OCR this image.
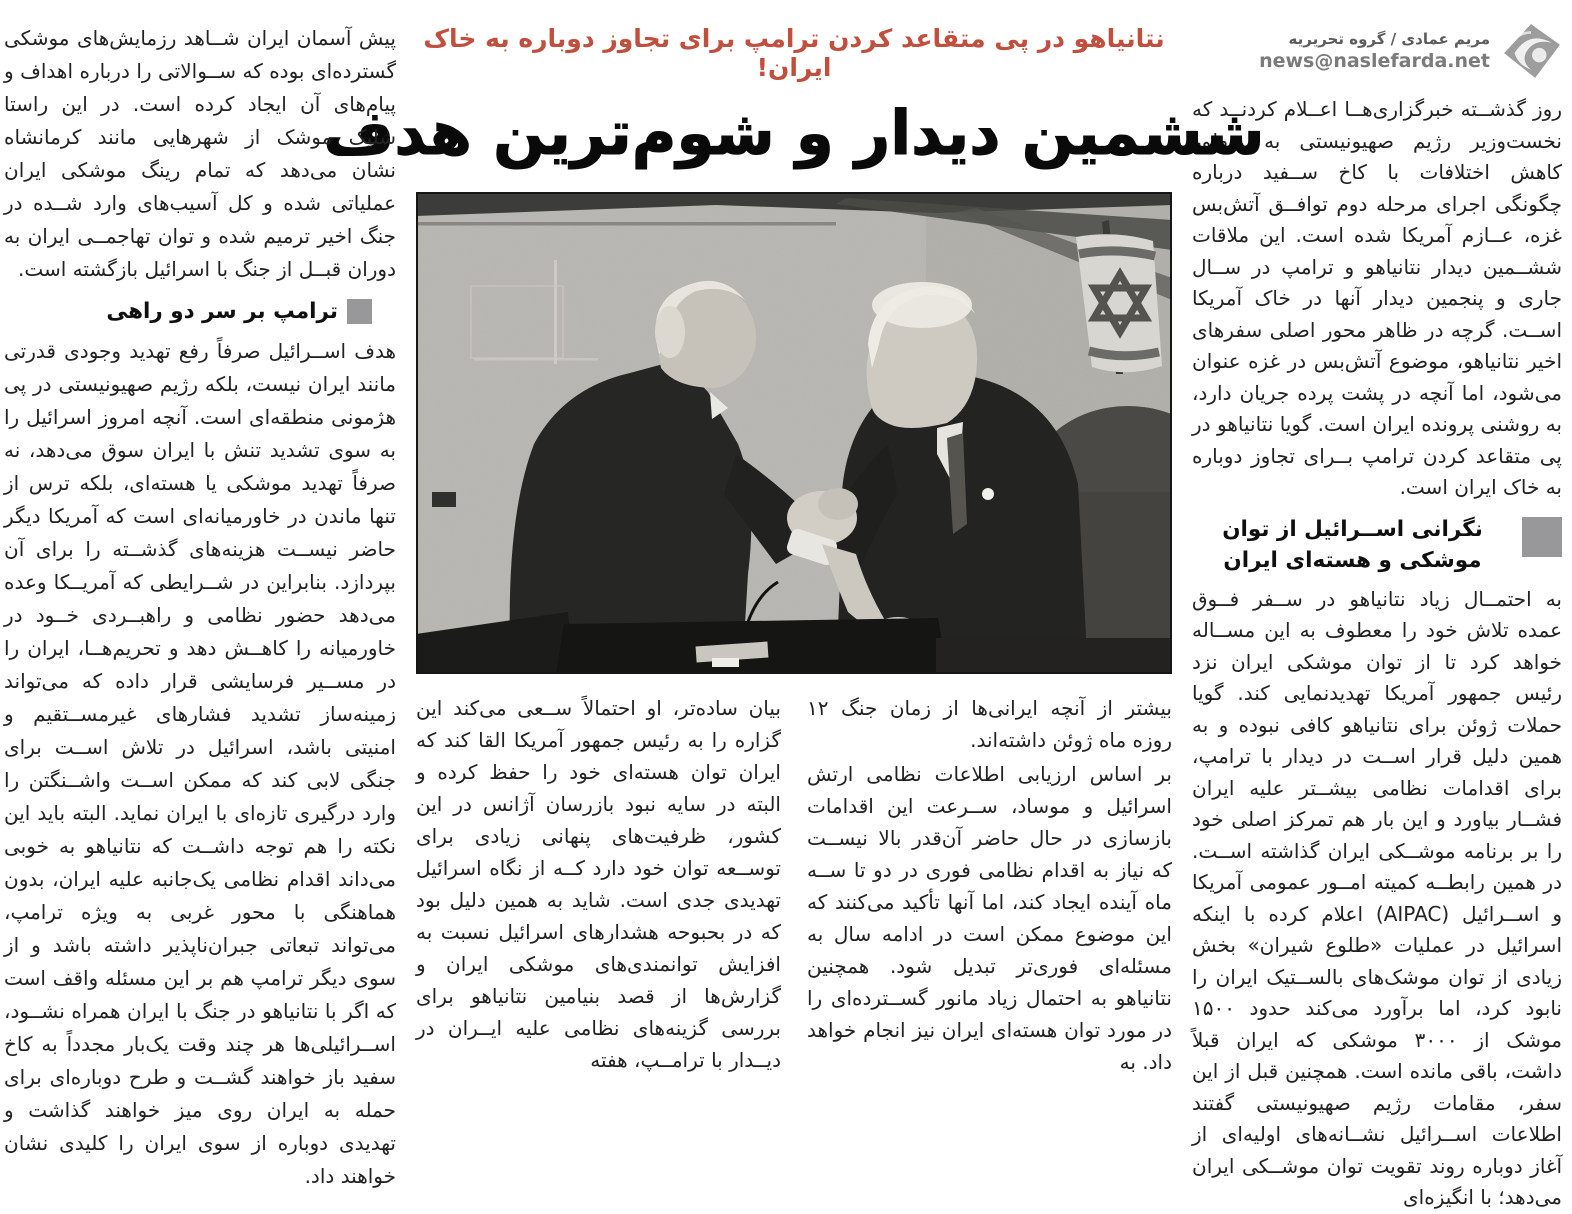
مریم عمادی / گروه تحریریه
news@naslefarda.net

روز گذشــته خبرگزاری‌هــا اعــلام کردنــد که نخست‌وزیر رژیم صهیونیستی به منظور کاهش اختلافات با کاخ ســفید درباره چگونگی اجرای مرحله دوم توافــق آتش‌بس غزه، عــازم آمریکا شده است. این ملاقات ششــمین دیدار نتانیاهو و ترامپ در ســال جاری و پنجمین دیدار آنها در خاک آمریکا اســت. گرچه در ظاهر محور اصلی سفرهای اخیر نتانیاهو، موضوع آتش‌بس در غزه عنوان می‌شود، اما آنچه در پشت پرده جریان دارد، به روشنی پرونده ایران است. گویا نتانیاهو در پی متقاعد کردن ترامپ بــرای تجاوز دوباره به خاک ایران است.

نگرانی اســرائیل از توان موشکی و هسته‌ای ایران

به احتمــال زیاد نتانیاهو در ســفر فــوق عمده تلاش خود را معطوف به این مســاله خواهد کرد تا از توان موشکی ایران نزد رئیس جمهور آمریکا تهدیدنمایی کند. گویا حملات ژوئن برای نتانیاهو کافی نبوده و به همین دلیل قرار اســت در دیدار با ترامپ، برای اقدامات نظامی بیشــتر علیه ایران فشــار بیاورد و این بار هم تمرکز اصلی خود را بر برنامه موشــکی ایران گذاشته اســت. در همین رابطــه کمیته امــور عمومی آمریکا و اســرائیل (AIPAC) اعلام کرده با اینکه اسرائیل در عملیات «طلوع شیران» بخش زیادی از توان موشک‌های بالســتیک ایران را نابود کرد، اما برآورد می‌کند حدود ۱۵۰۰ موشک از ۳۰۰۰ موشکی که ایران قبلاً داشت، باقی مانده است. همچنین قبل از این سفر، مقامات رژیم صهیونیستی گفتند اطلاعات اســرائیل نشــانه‌های اولیه‌ای از آغاز دوباره روند تقویت توان موشــکی ایران می‌دهد؛ با انگیزه‌ای

نتانیاهو در پی متقاعد کردن ترامپ برای تجاوز دوباره به خاک ایران!
ششمین دیدار و شوم‌ترین هدف

بیشتر از آنچه ایرانی‌ها از زمان جنگ ۱۲ روزه ماه ژوئن داشته‌اند.

بر اساس ارزیابی اطلاعات نظامی ارتش اسرائیل و موساد، ســرعت این اقدامات بازسازی در حال حاضر آن‌قدر بالا نیســت که نیاز به اقدام نظامی فوری در دو تا ســه ماه آینده ایجاد کند، اما آنها تأکید می‌کنند که این موضوع ممکن است در ادامه سال به مسئله‌ای فوری‌تر تبدیل شود. همچنین نتانیاهو به احتمال زیاد مانور گســترده‌ای را در مورد توان هسته‌ای ایران نیز انجام خواهد داد. به

بیان ساده‌تر، او احتمالاً ســعی می‌کند این گزاره را به رئیس جمهور آمریکا القا کند که ایران توان هسته‌ای خود را حفظ کرده و البته در سایه نبود بازرسان آژانس در این کشور، ظرفیت‌های پنهانی زیادی برای توســعه توان خود دارد کــه از نگاه اسرائیل تهدیدی جدی است. شاید به همین دلیل بود که در بحبوحه هشدارهای اسرائیل نسبت به افزایش توانمندی‌های موشکی ایران و گزارش‌ها از قصد بنیامین نتانیاهو برای بررسی گزینه‌های نظامی علیه ایــران در دیــدار با ترامــپ، هفته

پیش آسمان ایران شــاهد رزمایش‌های موشکی گسترده‌ای بوده که ســوالاتی را درباره اهداف و پیام‌های آن ایجاد کرده است. در این راستا شلیک موشک از شهرهایی مانند کرمانشاه نشان می‌دهد که تمام رینگ موشکی ایران عملیاتی شده و کل آسیب‌های وارد شــده در جنگ اخیر ترمیم شده و توان تهاجمــی ایران به دوران قبــل از جنگ با اسرائیل بازگشته است.

ترامپ بر سر دو راهی

هدف اســرائیل صرفاً رفع تهدید وجودی قدرتی مانند ایران نیست، بلکه رژیم صهیونیستی در پی هژمونی منطقه‌ای است. آنچه امروز اسرائیل را به سوی تشدید تنش با ایران سوق می‌دهد، نه صرفاً تهدید موشکی یا هسته‌ای، بلکه ترس از تنها ماندن در خاورمیانه‌ای است که آمریکا دیگر حاضر نیســت هزینه‌های گذشــته را برای آن بپردازد. بنابراین در شــرایطی که آمریــکا وعده می‌دهد حضور نظامی و راهبــردی خــود در خاورمیانه را کاهــش دهد و تحریم‌هــا، ایران را در مســیر فرسایشی قرار داده که می‌تواند زمینه‌ساز تشدید فشارهای غیرمســتقیم و امنیتی باشد، اسرائیل در تلاش اســت برای جنگی لابی کند که ممکن اســت واشــنگتن را وارد درگیری تازه‌ای با ایران نماید. البته باید این نکته را هم توجه داشــت که نتانیاهو به خوبی می‌داند اقدام نظامی یک‌جانبه علیه ایران، بدون هماهنگی با محور غربی به ویژه ترامپ، می‌تواند تبعاتی جبران‌ناپذیر داشته باشد و از سوی دیگر ترامپ هم بر این مسئله واقف است که اگر با نتانیاهو در جنگ با ایران همراه نشــود، اســرائیلی‌ها هر چند وقت یک‌بار مجدداً به کاخ سفید باز خواهند گشــت و طرح دوباره‌ای برای حمله به ایران روی میز خواهند گذاشت و تهدیدی دوباره از سوی ایران را کلیدی نشان خواهند داد.
